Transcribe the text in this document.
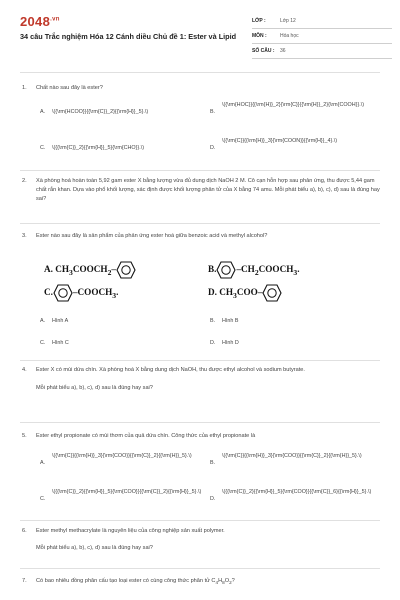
$2048^{.vn}$
34 câu Trắc nghiệm Hóa 12 Cánh diều Chủ đề 1: Ester và Lipid
LỚP :	Lớp 12
MÔN :	Hóa học
SỐ CÂU : 36
1. Chất nào sau đây là ester?
A. \({\rm{HCOO}}{{\rm{C}}_2}{{\rm{H}}_5}.\)	B.
\({\rm{HOC}}{{\rm{H}}_2}{\rm{C}}{{\rm{H}}_2}{\rm{COOH}}.\)
C. \({{\rm{C}}_2}{{\rm{H}}_5}{\rm{CHO}}.\)	D.
\({\rm{C}}{{\rm{H}}_3}{\rm{COON}}{{\rm{H}}_4}.\)
2. Xà phòng hoá hoàn toàn 5,92 gam ester X bằng lượng vừa đủ dung dịch NaOH 2 M. Cô cạn hỗn hợp sau phản ứng, thu được 5,44 gam chất rắn khan. Dựa vào phổ khối lượng, xác định được khối lượng phân tử của X bằng 74 amu. Mỗi phát biểu a), b), c), d) sau là đúng hay sai?
3. Ester nào sau đây là sản phẩm của phản ứng ester hoá giữa benzoic acid và methyl alcohol?
A. $CH_3COOCH_2-$	B. $-CH_2COOCH_3$.
C. $-COOCH_3$.	D. $CH_3COO-$
A. Hình A	B. Hình B
C. Hình C	D. Hình D
4. Ester X có mùi dứa chín. Xà phòng hoá X bằng dung dịch NaOH, thu được ethyl alcohol và sodium butyrate.
Mỗi phát biểu a), b), c), d) sau là đúng hay sai?
5. Ester ethyl propionate có mùi thơm của quả dứa chín. Công thức của ethyl propionate là
A.
\({\rm{C}}{{\rm{H}}_3}{\rm{COO}}{{\rm{C}}_2}{{\rm{H}}_5}.\)
B.
\({\rm{C}}{{\rm{H}}_3}{\rm{COO}}{{\rm{C}}_2}{{\rm{H}}_5}.\)
C.
\({{\rm{C}}_2}{{\rm{H}}_5}{\rm{COO}}{{\rm{C}}_2}{{\rm{H}}_5}.\)
D.
\({{\rm{C}}_2}{{\rm{H}}_5}{\rm{COO}}{{\rm{C}}_6}{{\rm{H}}_5}.\)
6. Ester methyl methacrylate là nguyên liệu của công nghiệp sản xuất polymer.
Mỗi phát biểu a), b), c), d) sau là đúng hay sai?
7. Có bao nhiêu đồng phân cấu tạo loại ester có cùng công thức phân tử $C_4H_8O_2$?
